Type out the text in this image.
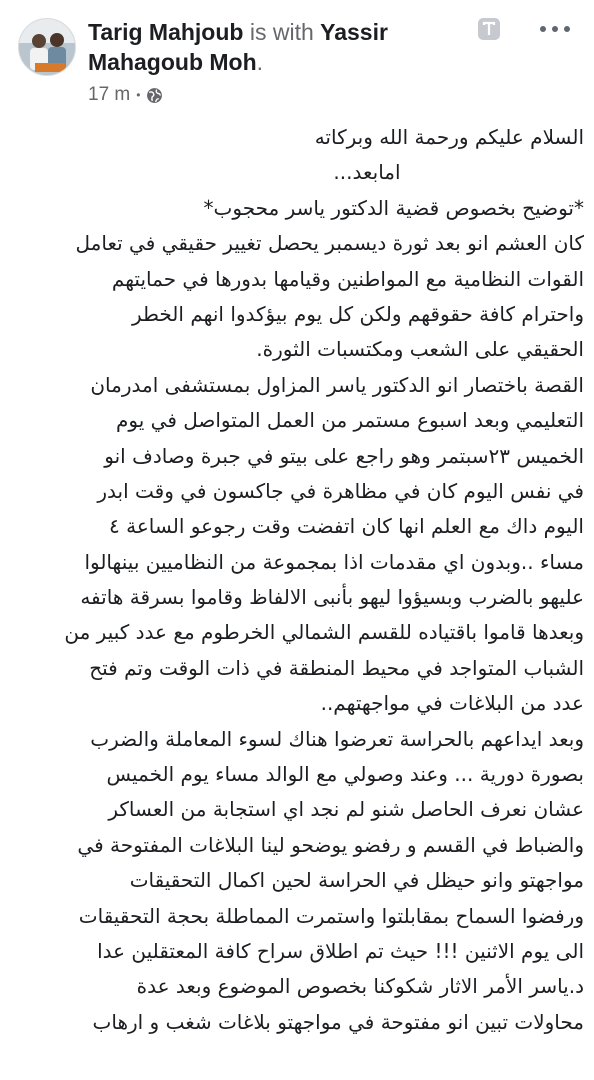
Tarig Mahjoub is with Yassir Mahagoub Moh.
17 m •
السلام عليكم ورحمة الله وبركاته
امابعد...
*توضيح بخصوص قضية الدكتور ياسر محجوب*
كان العشم انو بعد ثورة ديسمبر يحصل تغيير حقيقي في تعامل
القوات النظامية مع المواطنين وقيامها بدورها في حمايتهم
واحترام كافة حقوقهم ولكن كل يوم بيؤكدوا انهم الخطر
الحقيقي على الشعب ومكتسبات الثورة.
القصة باختصار انو الدكتور ياسر المزاول بمستشفى امدرمان
التعليمي وبعد اسبوع مستمر من العمل المتواصل في يوم
الخميس ٢٣سبتمر وهو راجع على بيتو في جبرة وصادف انو
في نفس اليوم كان في مظاهرة في جاكسون في وقت ابدر
اليوم داك مع العلم انها كان اتفضت وقت رجوعو الساعة ٤
مساء ..وبدون اي مقدمات اذا بمجموعة من النظاميين بينهالوا
عليهو بالضرب وبسيؤوا ليهو بأنبى الالفاظ وقاموا بسرقة هاتفه
وبعدها قاموا باقتياده للقسم الشمالي الخرطوم مع عدد كبير من
الشباب المتواجد في محيط المنطقة في ذات الوقت وتم فتح
عدد من البلاغات في مواجهتهم..
وبعد ايداعهم بالحراسة تعرضوا هناك لسوء المعاملة والضرب
بصورة دورية ... وعند وصولي مع الوالد مساء يوم الخميس
عشان نعرف الحاصل شنو لم نجد اي استجابة من العساكر
والضباط في القسم و رفضو يوضحو لينا البلاغات المفتوحة في
مواجهتو وانو حيظل في الحراسة لحين اكمال التحقيقات
ورفضوا السماح بمقابلتوا واستمرت المماطلة بحجة التحقيقات
الى يوم الاثنين !!! حيث تم اطلاق سراح كافة المعتقلين عدا
د.ياسر الأمر الاثار شكوكنا بخصوص الموضوع وبعد عدة
محاولات تبين انو مفتوحة في مواجهتو بلاغات شغب و ارهاب
